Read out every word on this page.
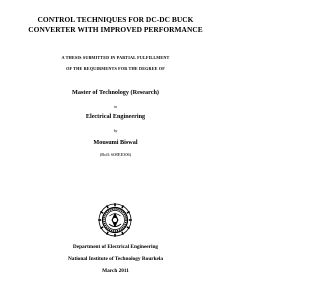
CONTROL TECHNIQUES FOR DC-DC BUCK
CONVERTER WITH IMPROVED PERFORMANCE
A THESIS SUBMITTED IN PARTIAL FULFILLMENT
OF THE REQUIRMENTS FOR THE DEGREE OF
Master of Technology (Research)
in
Electrical Engineering
by
Mousumi Biswal
(Roll: 608EE306)
Department of Electrical Engineering
National Institute of Technology Rourkela
March 2011
